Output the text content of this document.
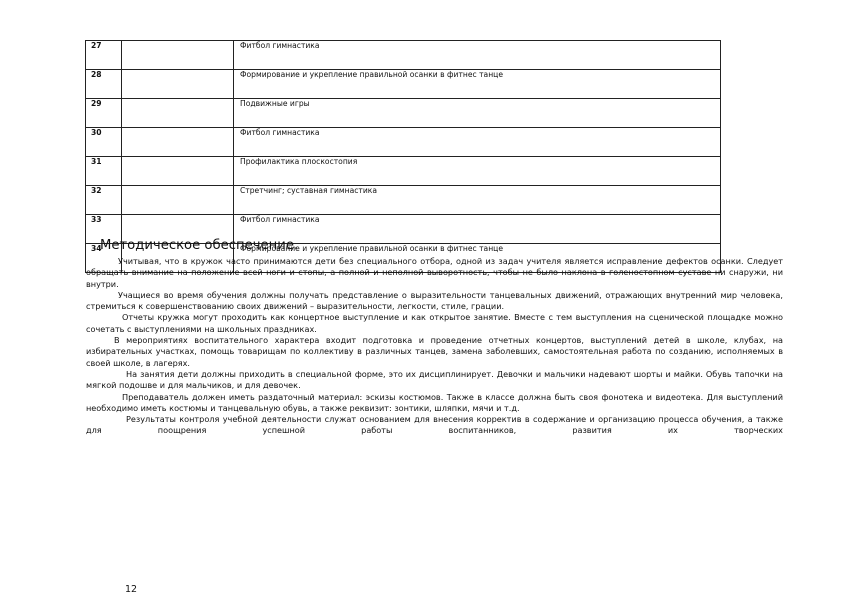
27		Фитбол гимнастика
28		Формирование и укрепление правильной осанки в фитнес танце
29		Подвижные игры
30		Фитбол гимнастика
31		Профилактика плоскостопия
32		Стретчинг; суставная гимнастика
33		Фитбол гимнастика
34		Формирование и укрепление правильной осанки в фитнес танце
Методическое обеспечение.

Учитывая, что в кружок часто принимаются дети без специального отбора, одной из задач учителя является исправление дефектов осанки. Следует обращать внимание на положение всей ноги и стопы, а полной и неполной выворотность, чтобы не было наклона в голеностопном суставе ни снаружи, ни внутри.

Учащиеся во время обучения должны получать представление о выразительности танцевальных движений, отражающих внутренний мир человека, стремиться к совершенствованию своих движений – выразительности, легкости, стиле, грации.

Отчеты кружка могут проходить как концертное выступление и как открытое занятие. Вместе с тем выступления на сценической площадке можно сочетать с выступлениями на школьных праздниках.

В мероприятиях воспитательного характера входит подготовка и проведение отчетных концертов, выступлений детей в школе, клубах, на избирательных участках, помощь товарищам по коллективу в различных танцев, замена заболевших, самостоятельная работа по созданию, исполняемых в своей школе, в лагерях.

На занятия дети должны приходить в специальной форме, это их дисциплинирует. Девочки и мальчики надевают шорты и майки. Обувь тапочки на мягкой подошве и для мальчиков, и для девочек.

Преподаватель должен иметь раздаточный материал: эскизы костюмов. Также в классе должна быть своя фонотека и видеотека. Для выступлений необходимо иметь костюмы и танцевальную обувь, а также реквизит: зонтики, шляпки, мячи и т.д.

Результаты контроля учебной деятельности служат основанием для внесения корректив в содержание и организацию процесса обучения, а также для поощрения успешной работы воспитанников, развития их творческих

12
